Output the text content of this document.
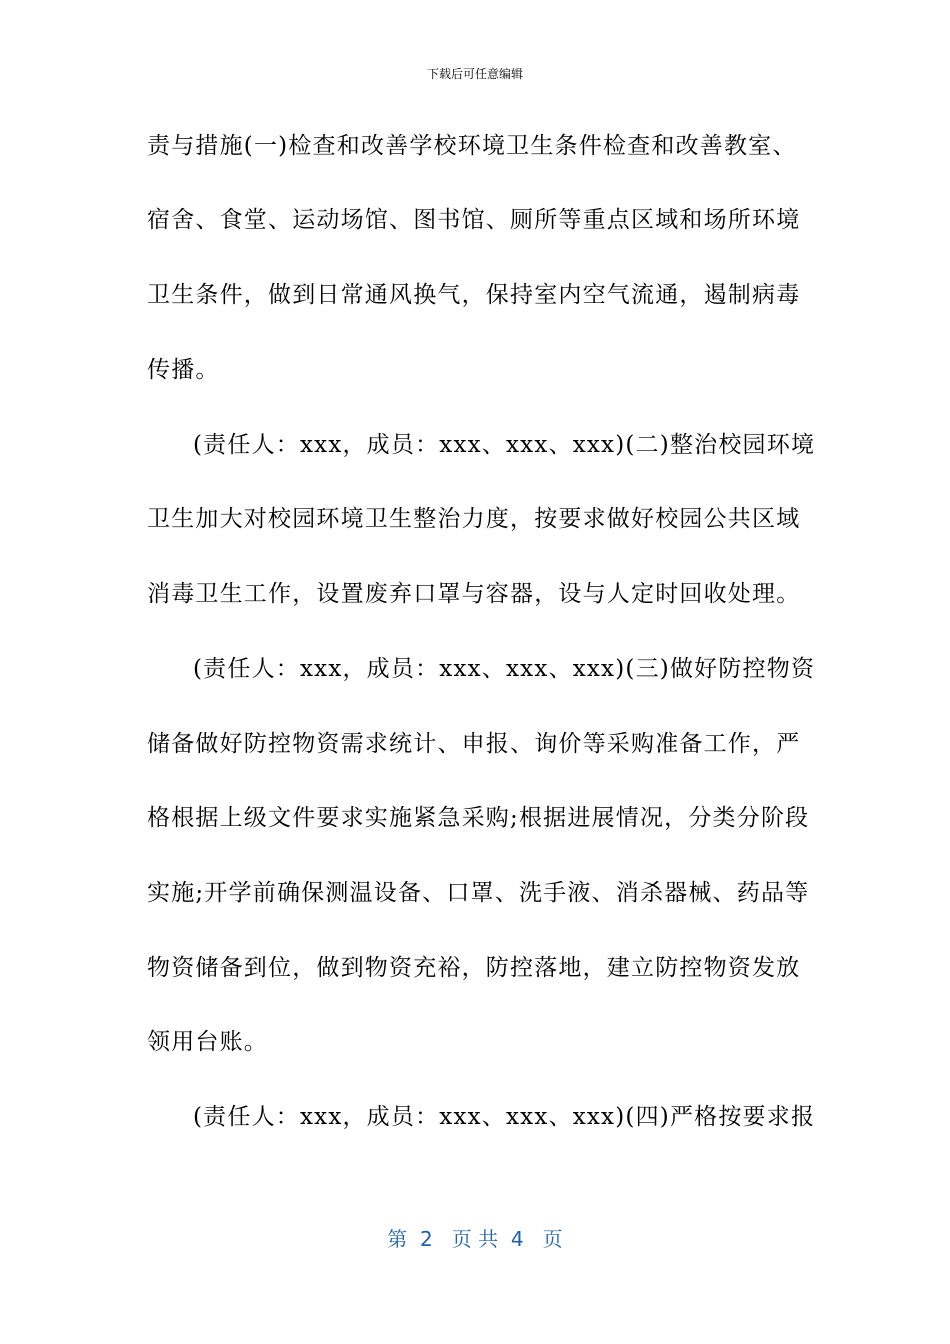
下载后可任意编辑
责与措施(一)检查和改善学校环境卫生条件检查和改善教室、
宿舍、食堂、运动场馆、图书馆、厕所等重点区域和场所环境
卫生条件，做到日常通风换气，保持室内空气流通，遏制病毒
传播。
(责任人：xxx，成员：xxx、xxx、xxx)(二)整治校园环境
卫生加大对校园环境卫生整治力度，按要求做好校园公共区域
消毒卫生工作，设置废弃口罩与容器，设与人定时回收处理。
(责任人：xxx，成员：xxx、xxx、xxx)(三)做好防控物资
储备做好防控物资需求统计、申报、询价等采购准备工作，严
格根据上级文件要求实施紧急采购;根据进展情况，分类分阶段
实施;开学前确保测温设备、口罩、洗手液、消杀器械、药品等
物资储备到位，做到物资充裕，防控落地，建立防控物资发放
领用台账。
(责任人：xxx，成员：xxx、xxx、xxx)(四)严格按要求报
第  2   页 共  4   页
